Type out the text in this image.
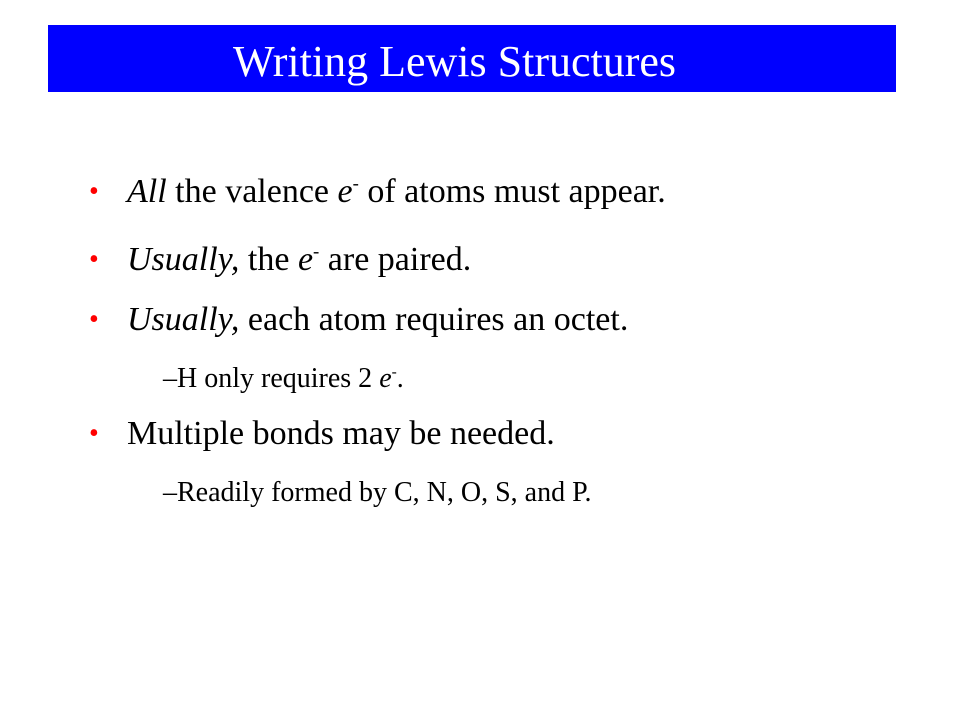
Writing Lewis Structures
• All the valence e- of atoms must appear.
• Usually, the e- are paired.
• Usually, each atom requires an octet.
–H only requires 2 e-.
• Multiple bonds may be needed.
–Readily formed by C, N, O, S, and P.
